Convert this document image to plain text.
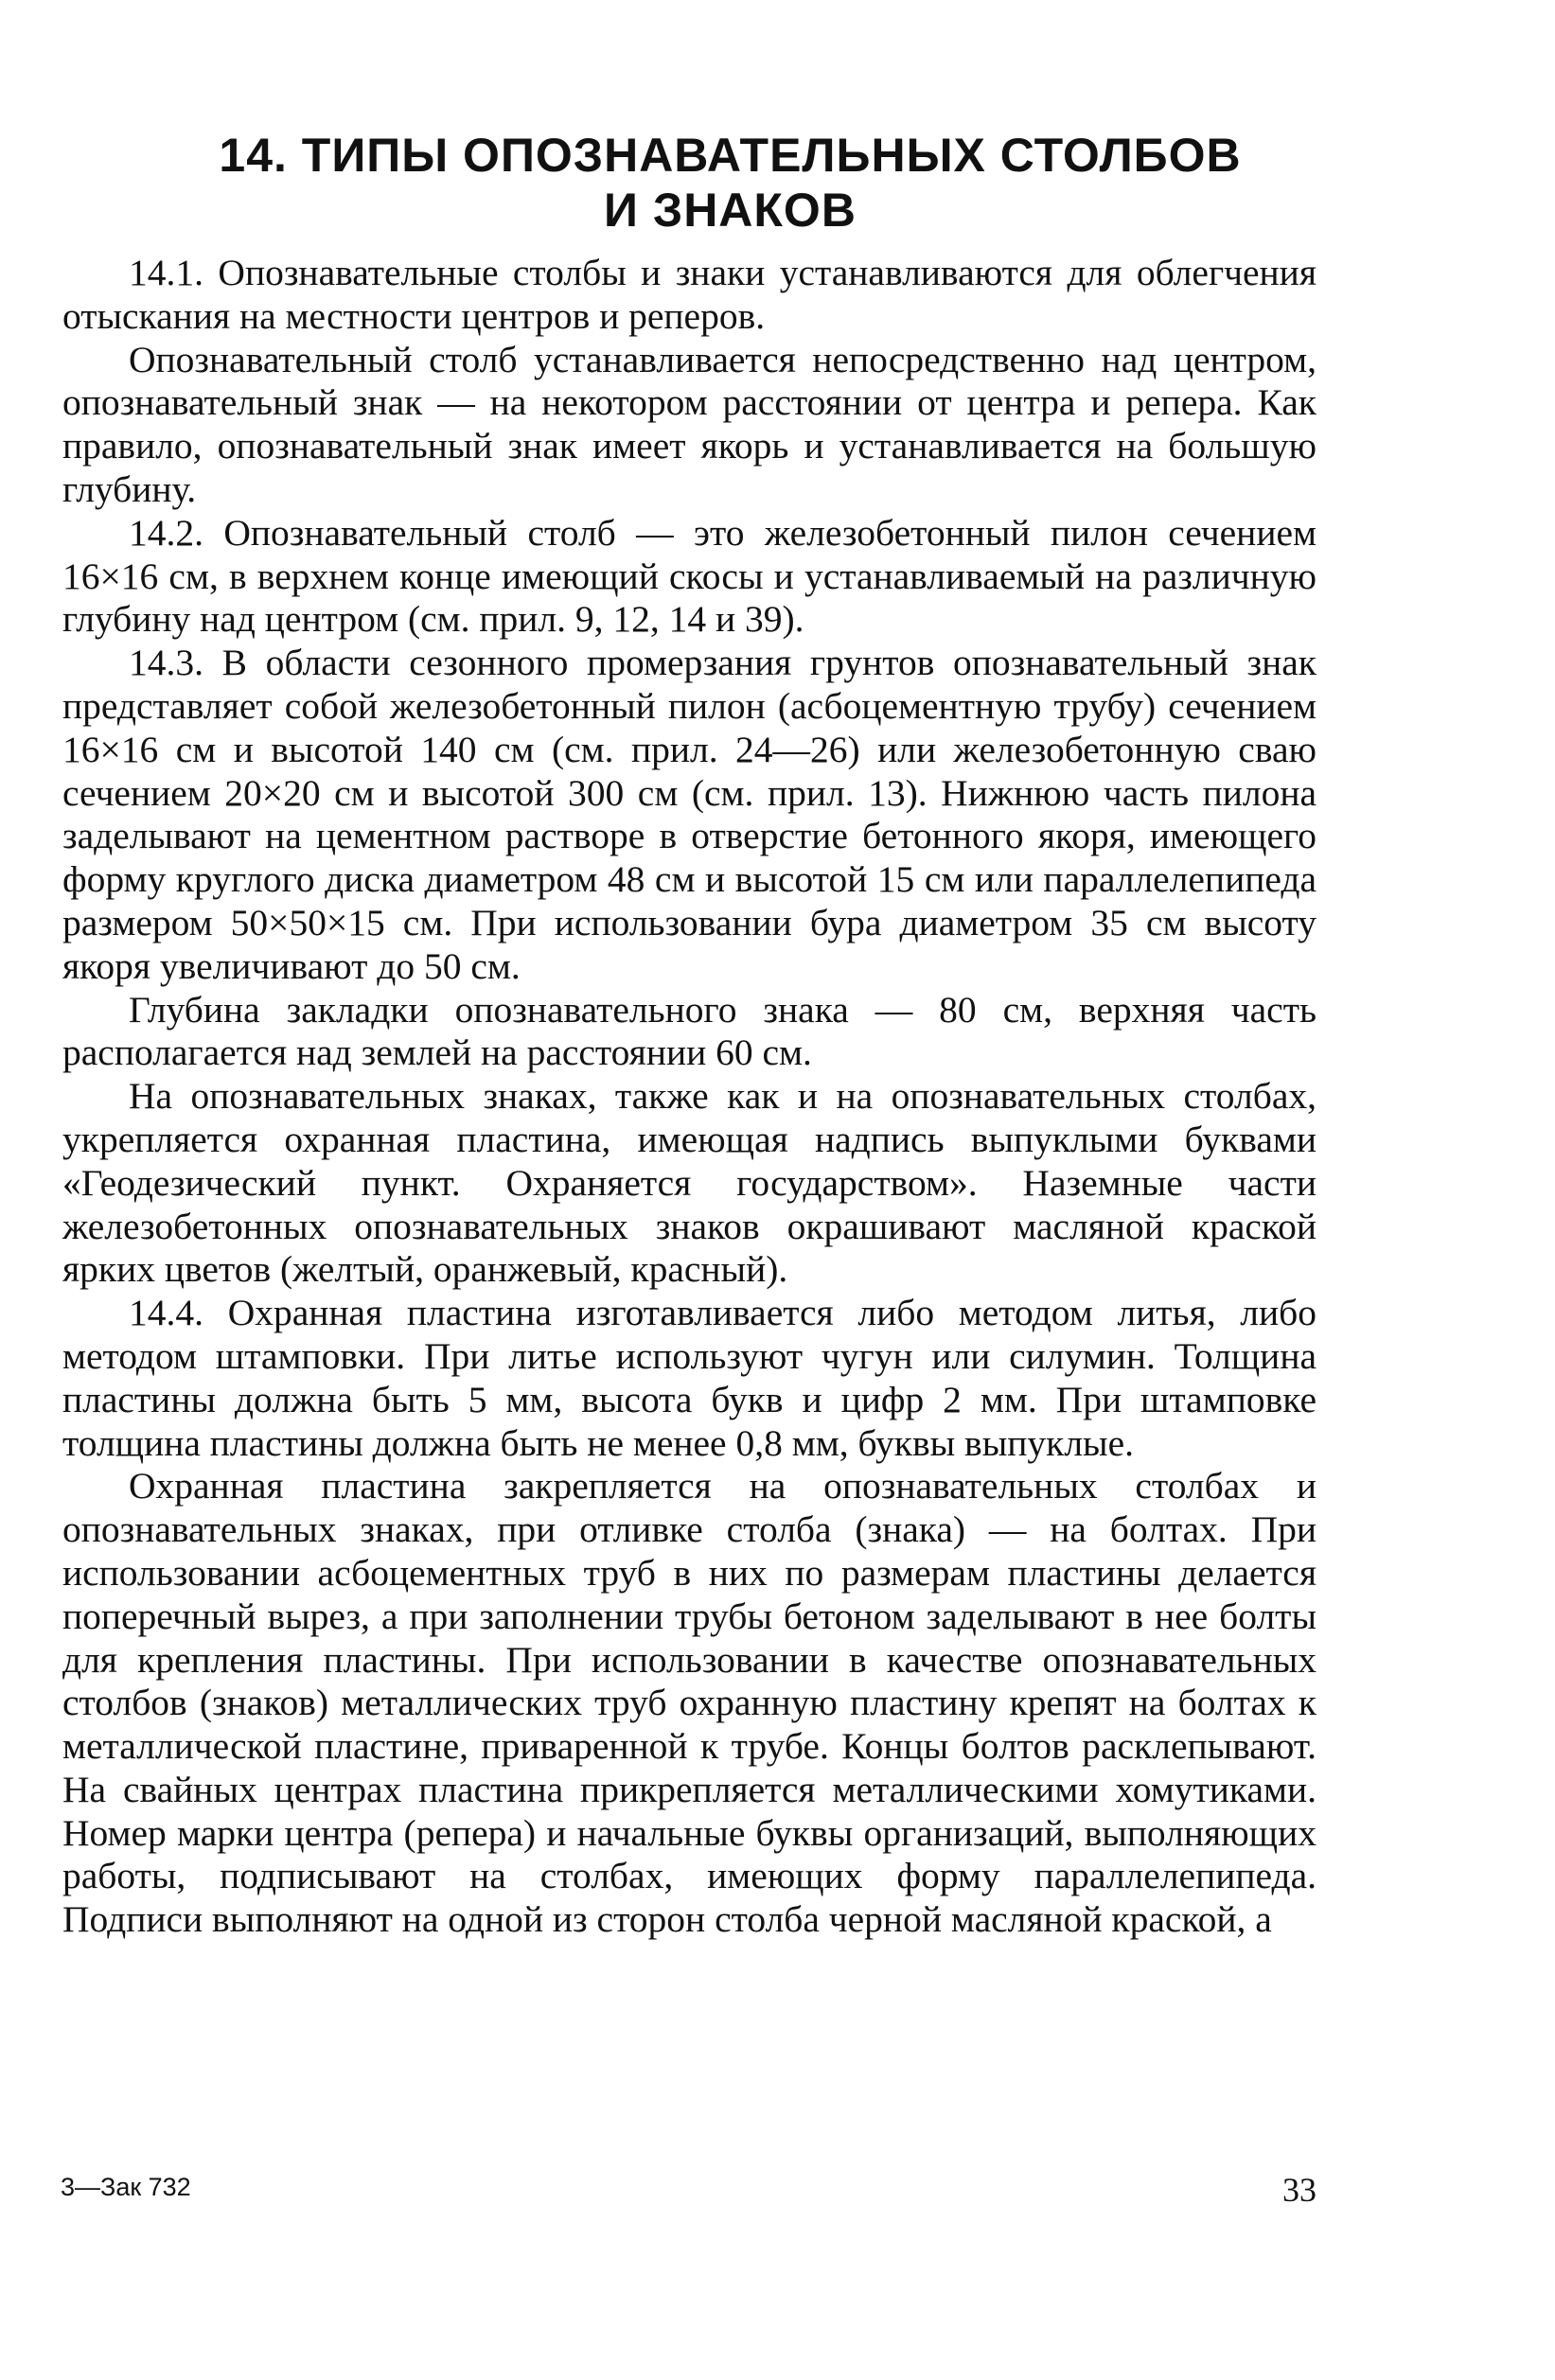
14. ТИПЫ ОПОЗНАВАТЕЛЬНЫХ СТОЛБОВ
И ЗНАКОВ

14.1. Опознавательные столбы и знаки устанавливаются для облегчения отыскания на местности центров и реперов.

Опознавательный столб устанавливается непосредственно над центром, опознавательный знак — на некотором расстоянии от центра и репера. Как правило, опознавательный знак имеет якорь и устанавливается на большую глубину.

14.2. Опознавательный столб — это железобетонный пилон сечением 16×16 см, в верхнем конце имеющий скосы и устанавливаемый на различную глубину над центром (см. прил. 9, 12, 14 и 39).

14.3. В области сезонного промерзания грунтов опознавательный знак представляет собой железобетонный пилон (асбоцементную трубу) сечением 16×16 см и высотой 140 см (см. прил. 24—26) или железобетонную сваю сечением 20×20 см и высотой 300 см (см. прил. 13). Нижнюю часть пилона заделывают на цементном растворе в отверстие бетонного якоря, имеющего форму круглого диска диаметром 48 см и высотой 15 см или параллелепипеда размером 50×50×15 см. При использовании бура диаметром 35 см высоту якоря увеличивают до 50 см.

Глубина закладки опознавательного знака — 80 см, верхняя часть располагается над землей на расстоянии 60 см.

На опознавательных знаках, также как и на опознавательных столбах, укрепляется охранная пластина, имеющая надпись выпуклыми буквами «Геодезический пункт. Охраняется государством». Наземные части железобетонных опознавательных знаков окрашивают масляной краской ярких цветов (желтый, оранжевый, красный).

14.4. Охранная пластина изготавливается либо методом литья, либо методом штамповки. При литье используют чугун или силумин. Толщина пластины должна быть 5 мм, высота букв и цифр 2 мм. При штамповке толщина пластины должна быть не менее 0,8 мм, буквы выпуклые.

Охранная пластина закрепляется на опознавательных столбах и опознавательных знаках, при отливке столба (знака) — на болтах. При использовании асбоцементных труб в них по размерам пластины делается поперечный вырез, а при заполнении трубы бетоном заделывают в нее болты для крепления пластины. При использовании в качестве опознавательных столбов (знаков) металлических труб охранную пластину крепят на болтах к металлической пластине, приваренной к трубе. Концы болтов расклепывают. На свайных центрах пластина прикрепляется металлическими хомутиками. Номер марки центра (репера) и начальные буквы организаций, выполняющих работы, подписывают на столбах, имеющих форму параллелепипеда. Подписи выполняют на одной из сторон столба черной масляной краской, а

3—Зак 732	33
